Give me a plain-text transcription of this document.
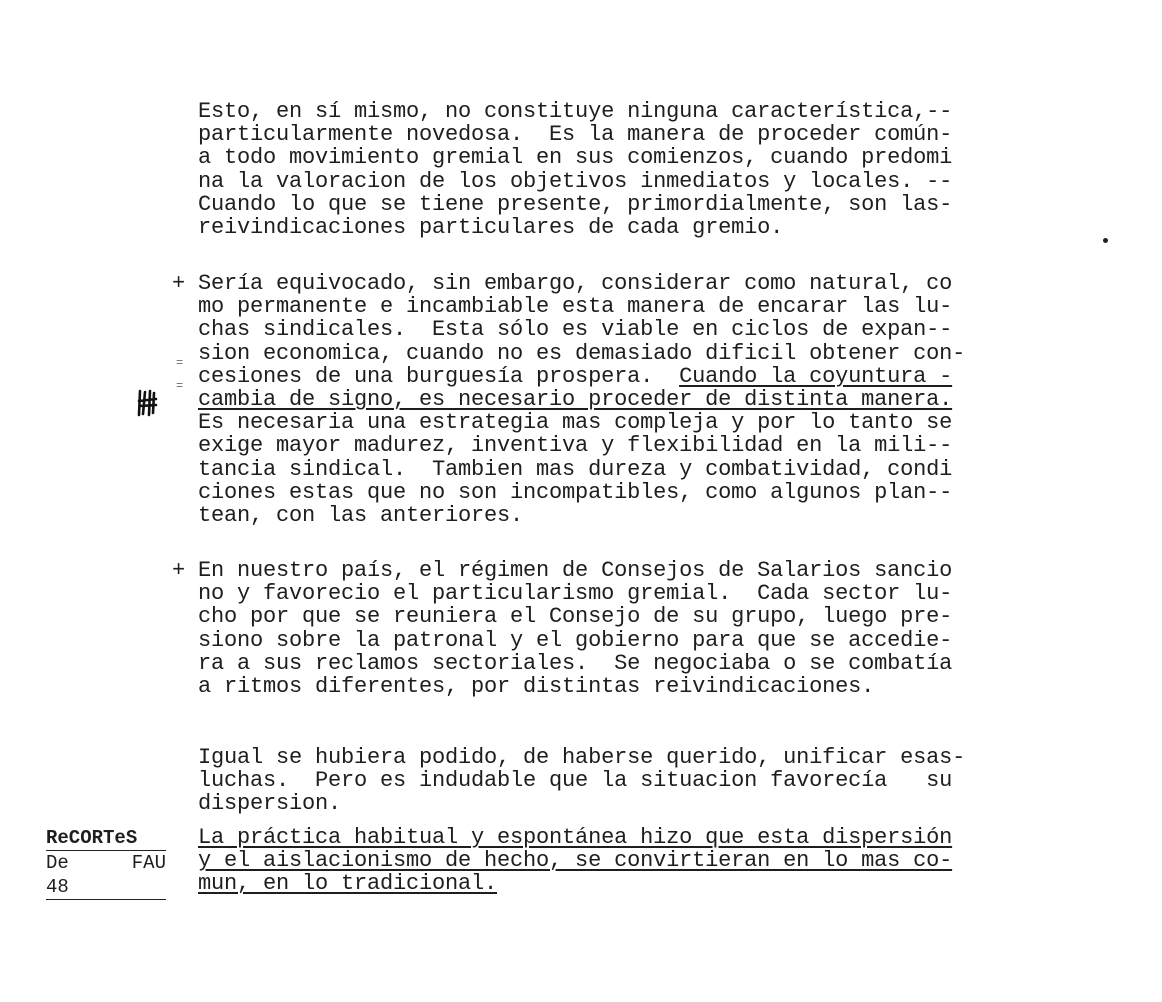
Esto, en sí mismo, no constituye ninguna característica,--
particularmente novedosa.  Es la manera de proceder común-
a todo movimiento gremial en sus comienzos, cuando predomi
na la valoracion de los objetivos inmediatos y locales. --
Cuando lo que se tiene presente, primordialmente, son las-
reivindicaciones particulares de cada gremio.
+
=
=
Sería equivocado, sin embargo, considerar como natural, co
mo permanente e incambiable esta manera de encarar las lu-
chas sindicales.  Esta sólo es viable en ciclos de expan--
sion economica, cuando no es demasiado dificil obtener con-
cesiones de una burguesía prospera.  Cuando la coyuntura -
cambia de signo, es necesario proceder de distinta manera.
Es necesaria una estrategia mas compleja y por lo tanto se
exige mayor madurez, inventiva y flexibilidad en la mili--
tancia sindical.  Tambien mas dureza y combatividad, condi
ciones estas que no son incompatibles, como algunos plan--
tean, con las anteriores.
+ En nuestro país, el régimen de Consejos de Salarios sancio
no y favorecio el particularismo gremial.  Cada sector lu-
cho por que se reuniera el Consejo de su grupo, luego pre-
siono sobre la patronal y el gobierno para que se accedie-
ra a sus reclamos sectoriales.  Se negociaba o se combatía
a ritmos diferentes, por distintas reivindicaciones.
Igual se hubiera podido, de haberse querido, unificar esas-
luchas.  Pero es indudable que la situacion favorecía   su
dispersion.
La práctica habitual y espontánea hizo que esta dispersión
y el aislacionismo de hecho, se convirtieran en lo mas co-
mun, en lo tradicional.
ReCORTeS
De	FAU
48
